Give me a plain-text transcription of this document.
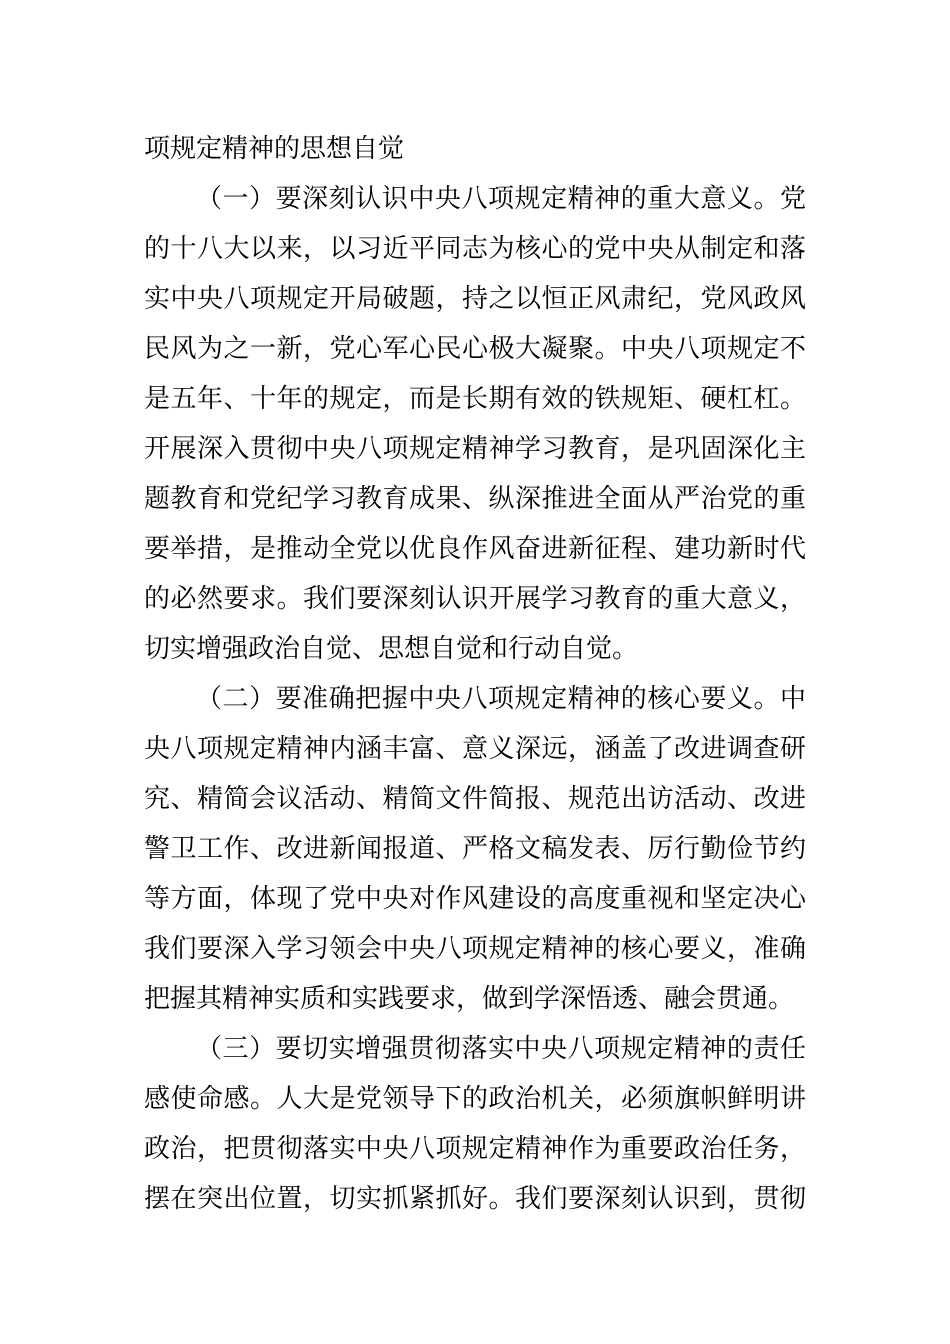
项规定精神的思想自觉
（一）要深刻认识中央八项规定精神的重大意义。党
的十八大以来，以习近平同志为核心的党中央从制定和落
实中央八项规定开局破题，持之以恒正风肃纪，党风政风
民风为之一新，党心军心民心极大凝聚。中央八项规定不
是五年、十年的规定，而是长期有效的铁规矩、硬杠杠。
开展深入贯彻中央八项规定精神学习教育，是巩固深化主
题教育和党纪学习教育成果、纵深推进全面从严治党的重
要举措，是推动全党以优良作风奋进新征程、建功新时代
的必然要求。我们要深刻认识开展学习教育的重大意义，
切实增强政治自觉、思想自觉和行动自觉。
（二）要准确把握中央八项规定精神的核心要义。中
央八项规定精神内涵丰富、意义深远，涵盖了改进调查研
究、精简会议活动、精简文件简报、规范出访活动、改进
警卫工作、改进新闻报道、严格文稿发表、厉行勤俭节约
等方面，体现了党中央对作风建设的高度重视和坚定决心
我们要深入学习领会中央八项规定精神的核心要义，准确
把握其精神实质和实践要求，做到学深悟透、融会贯通。
（三）要切实增强贯彻落实中央八项规定精神的责任
感使命感。人大是党领导下的政治机关，必须旗帜鲜明讲
政治，把贯彻落实中央八项规定精神作为重要政治任务，
摆在突出位置，切实抓紧抓好。我们要深刻认识到，贯彻
